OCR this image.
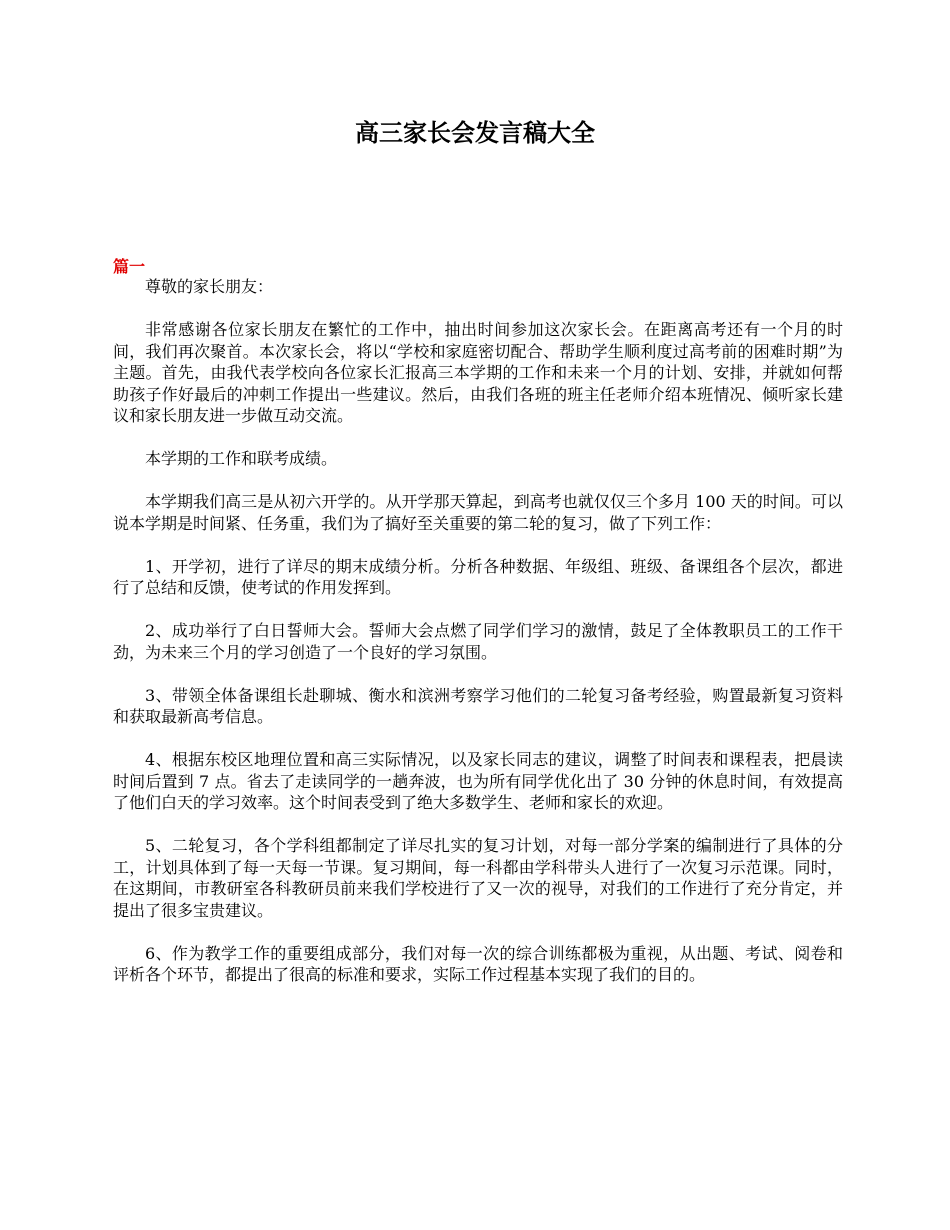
高三家长会发言稿大全
篇一

尊敬的家长朋友：

非常感谢各位家长朋友在繁忙的工作中，抽出时间参加这次家长会。在距离高考还有一个月的时间，我们再次聚首。本次家长会，将以“学校和家庭密切配合、帮助学生顺利度过高考前的困难时期”为主题。首先，由我代表学校向各位家长汇报高三本学期的工作和未来一个月的计划、安排，并就如何帮助孩子作好最后的冲刺工作提出一些建议。然后，由我们各班的班主任老师介绍本班情况、倾听家长建议和家长朋友进一步做互动交流。

本学期的工作和联考成绩。

本学期我们高三是从初六开学的。从开学那天算起，到高考也就仅仅三个多月 100 天的时间。可以说本学期是时间紧、任务重，我们为了搞好至关重要的第二轮的复习，做了下列工作：

1、开学初，进行了详尽的期末成绩分析。分析各种数据、年级组、班级、备课组各个层次，都进行了总结和反馈，使考试的作用发挥到。

2、成功举行了白日誓师大会。誓师大会点燃了同学们学习的激情，鼓足了全体教职员工的工作干劲，为未来三个月的学习创造了一个良好的学习氛围。

3、带领全体备课组长赴聊城、衡水和滨洲考察学习他们的二轮复习备考经验，购置最新复习资料和获取最新高考信息。

4、根据东校区地理位置和高三实际情况，以及家长同志的建议，调整了时间表和课程表，把晨读时间后置到 7 点。省去了走读同学的一趟奔波，也为所有同学优化出了 30 分钟的休息时间，有效提高了他们白天的学习效率。这个时间表受到了绝大多数学生、老师和家长的欢迎。

5、二轮复习，各个学科组都制定了详尽扎实的复习计划，对每一部分学案的编制进行了具体的分工，计划具体到了每一天每一节课。复习期间，每一科都由学科带头人进行了一次复习示范课。同时，在这期间，市教研室各科教研员前来我们学校进行了又一次的视导，对我们的工作进行了充分肯定，并提出了很多宝贵建议。

6、作为教学工作的重要组成部分，我们对每一次的综合训练都极为重视，从出题、考试、阅卷和评析各个环节，都提出了很高的标准和要求，实际工作过程基本实现了我们的目的。
